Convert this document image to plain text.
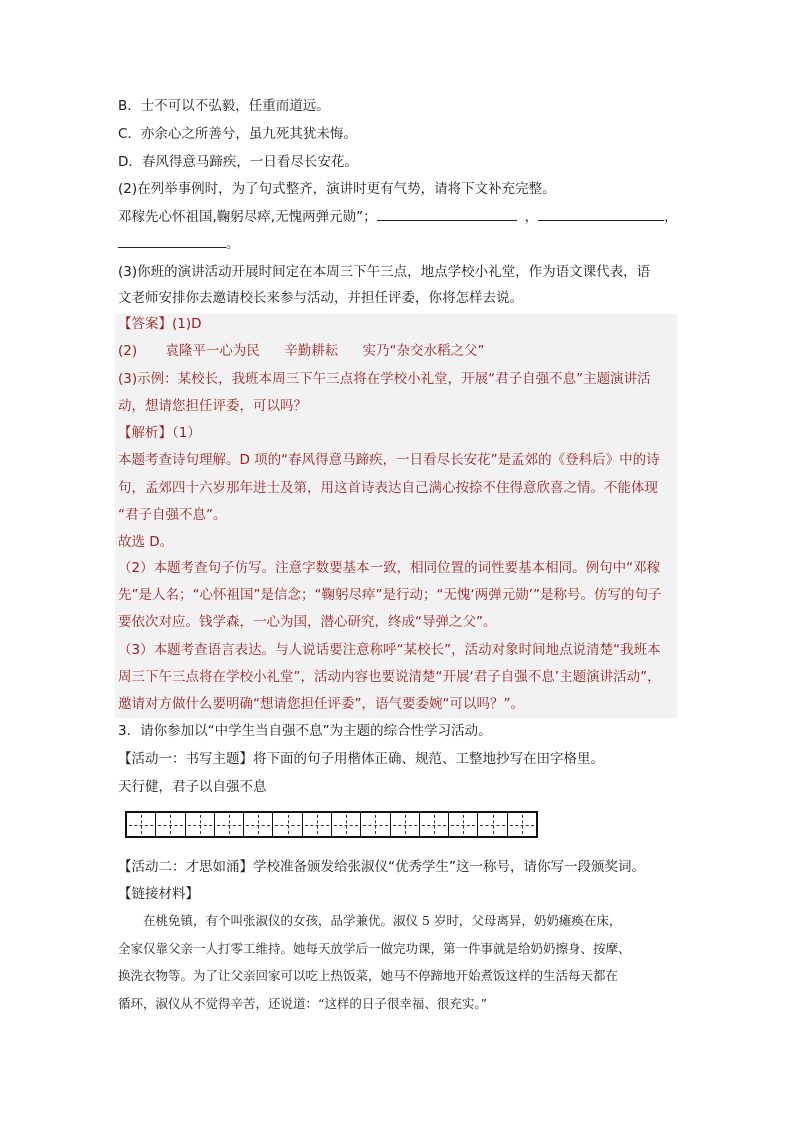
B．士不可以不弘毅，任重而道远。
C．亦余心之所善兮，虽九死其犹未悔。
D．春风得意马蹄疾，一日看尽长安花。
(2)在列举事例时，为了句式整齐，演讲时更有气势，请将下文补充完整。
邓稼先心怀祖国,鞠躬尽瘁,无愧两弹元勋”；	，	，
。
(3)你班的演讲活动开展时间定在本周三下午三点，地点学校小礼堂，作为语文课代表，语
文老师安排你去邀请校长来参与活动，并担任评委，你将怎样去说。
【答案】(1)D
(2) 袁隆平一心为民 辛勤耕耘 实乃“杂交水稻之父”
(3)示例：某校长，我班本周三下午三点将在学校小礼堂，开展“君子自强不息”主题演讲活
动，想请您担任评委，可以吗？
【解析】（1）
本题考查诗句理解。D 项的“春风得意马蹄疾，一日看尽长安花”是孟郊的《登科后》中的诗
句，孟郊四十六岁那年进士及第，用这首诗表达自己满心按捺不住得意欣喜之情。不能体现
“君子自强不息”。
故选 D。
（2）本题考查句子仿写。注意字数要基本一致，相同位置的词性要基本相同。例句中“邓稼
先”是人名；“心怀祖国”是信念；“鞠躬尽瘁”是行动；“无愧‘两弹元勋’”是称号。仿写的句子
要依次对应。钱学森，一心为国，潜心研究，终成“导弹之父”。
（3）本题考查语言表达。与人说话要注意称呼“某校长”，活动对象时间地点说清楚“我班本
周三下午三点将在学校小礼堂”，活动内容也要说清楚“开展‘君子自强不息’主题演讲活动”，
邀请对方做什么要明确“想请您担任评委”，语气要委婉“可以吗？”。
3．请你参加以“中学生当自强不息”为主题的综合性学习活动。
【活动一：书写主题】将下面的句子用楷体正确、规范、工整地抄写在田字格里。
天行健，君子以自强不息
【活动二：才思如涌】学校准备颁发给张淑仪“优秀学生”这一称号，请你写一段颁奖词。
【链接材料】
　　在桃免镇，有个叫张淑仪的女孩，品学兼优。淑仪 5 岁时，父母离异，奶奶瘫痪在床，
全家仅靠父亲一人打零工维持。她每天放学后一做完功课，第一件事就是给奶奶擦身、按摩、
换洗衣物等。为了让父亲回家可以吃上热饭菜，她马不停蹄地开始煮饭这样的生活每天都在
循环，淑仪从不觉得辛苦，还说道：“这样的日子很幸福、很充实。”
